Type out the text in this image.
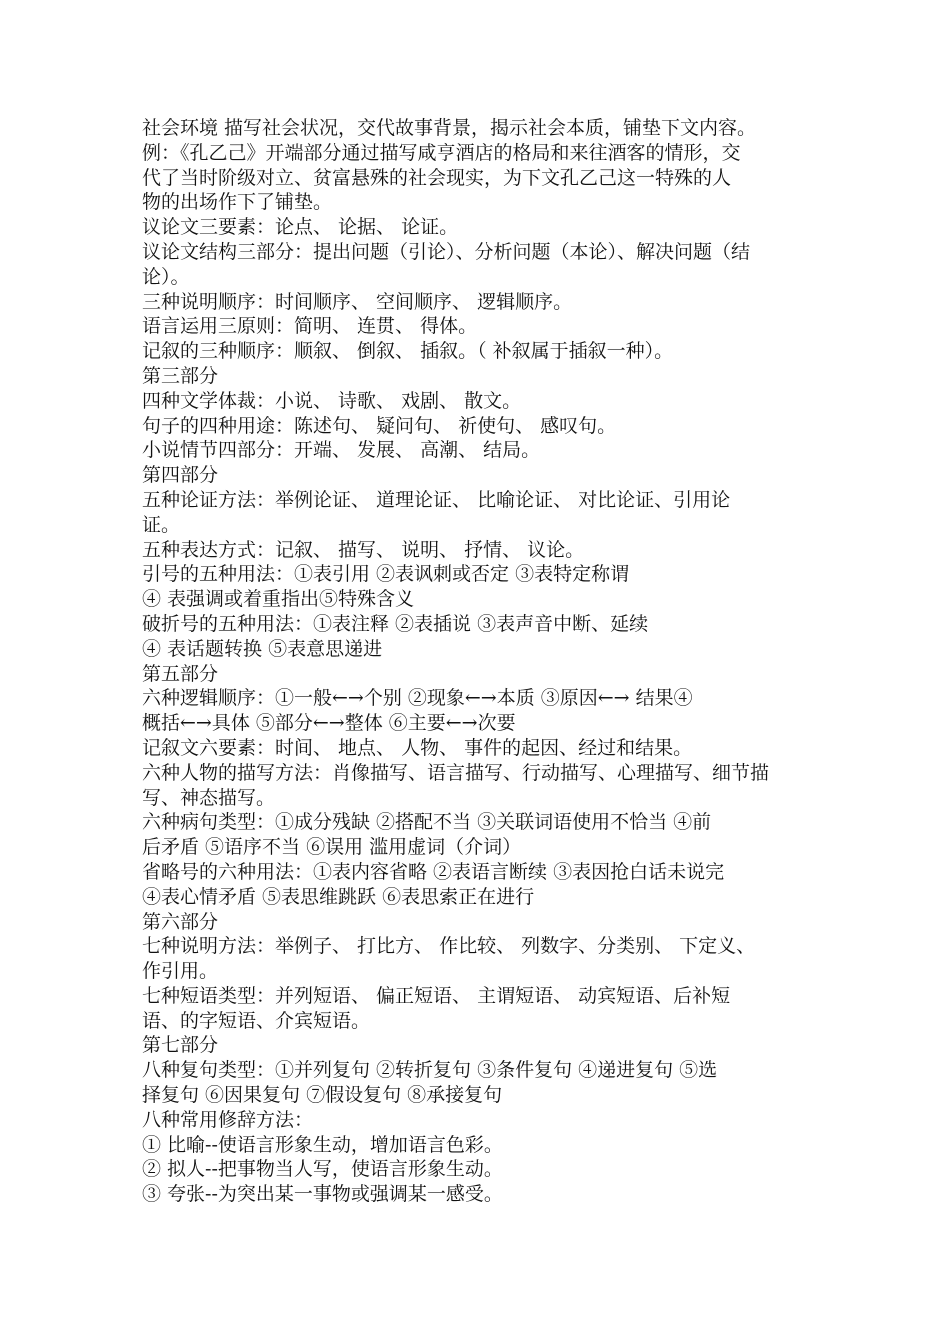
社会环境 描写社会状况，交代故事背景，揭示社会本质，铺垫下文内容。
例：《孔乙己》开端部分通过描写咸亨酒店的格局和来往酒客的情形，交
代了当时阶级对立、贫富悬殊的社会现实，为下文孔乙己这一特殊的人
物的出场作下了铺垫。
议论文三要素：论点、 论据、 论证。
议论文结构三部分：提出问题（引论）、分析问题（本论）、解决问题（结
论）。
三种说明顺序：时间顺序、 空间顺序、 逻辑顺序。
语言运用三原则：简明、 连贯、 得体。
记叙的三种顺序：顺叙、 倒叙、 插叙。（ 补叙属于插叙一种）。
第三部分
四种文学体裁：小说、 诗歌、 戏剧、 散文。
句子的四种用途：陈述句、 疑问句、 祈使句、 感叹句。
小说情节四部分：开端、 发展、 高潮、 结局。
第四部分
五种论证方法：举例论证、 道理论证、 比喻论证、 对比论证、引用论
证。
五种表达方式：记叙、 描写、 说明、 抒情、 议论。
引号的五种用法：①表引用 ②表讽刺或否定 ③表特定称谓
④ 表强调或着重指出⑤特殊含义
破折号的五种用法：①表注释 ②表插说 ③表声音中断、延续
④ 表话题转换 ⑤表意思递进
第五部分
六种逻辑顺序：①一般←→个别 ②现象←→本质 ③原因←→ 结果④
概括←→具体 ⑤部分←→整体 ⑥主要←→次要
记叙文六要素：时间、 地点、 人物、 事件的起因、经过和结果。
六种人物的描写方法：肖像描写、语言描写、行动描写、心理描写、细节描
写、神态描写。
六种病句类型：①成分残缺 ②搭配不当 ③关联词语使用不恰当 ④前
后矛盾 ⑤语序不当 ⑥误用 滥用虚词（介词）
省略号的六种用法：①表内容省略 ②表语言断续 ③表因抢白话未说完
④表心情矛盾 ⑤表思维跳跃 ⑥表思索正在进行
第六部分
七种说明方法：举例子、 打比方、 作比较、 列数字、分类别、 下定义、
作引用。
七种短语类型：并列短语、 偏正短语、 主谓短语、 动宾短语、后补短
语、的字短语、介宾短语。
第七部分
八种复句类型：①并列复句 ②转折复句 ③条件复句 ④递进复句 ⑤选
择复句 ⑥因果复句 ⑦假设复句 ⑧承接复句
八种常用修辞方法：
① 比喻--使语言形象生动，增加语言色彩。
② 拟人--把事物当人写，使语言形象生动。
③ 夸张--为突出某一事物或强调某一感受。
